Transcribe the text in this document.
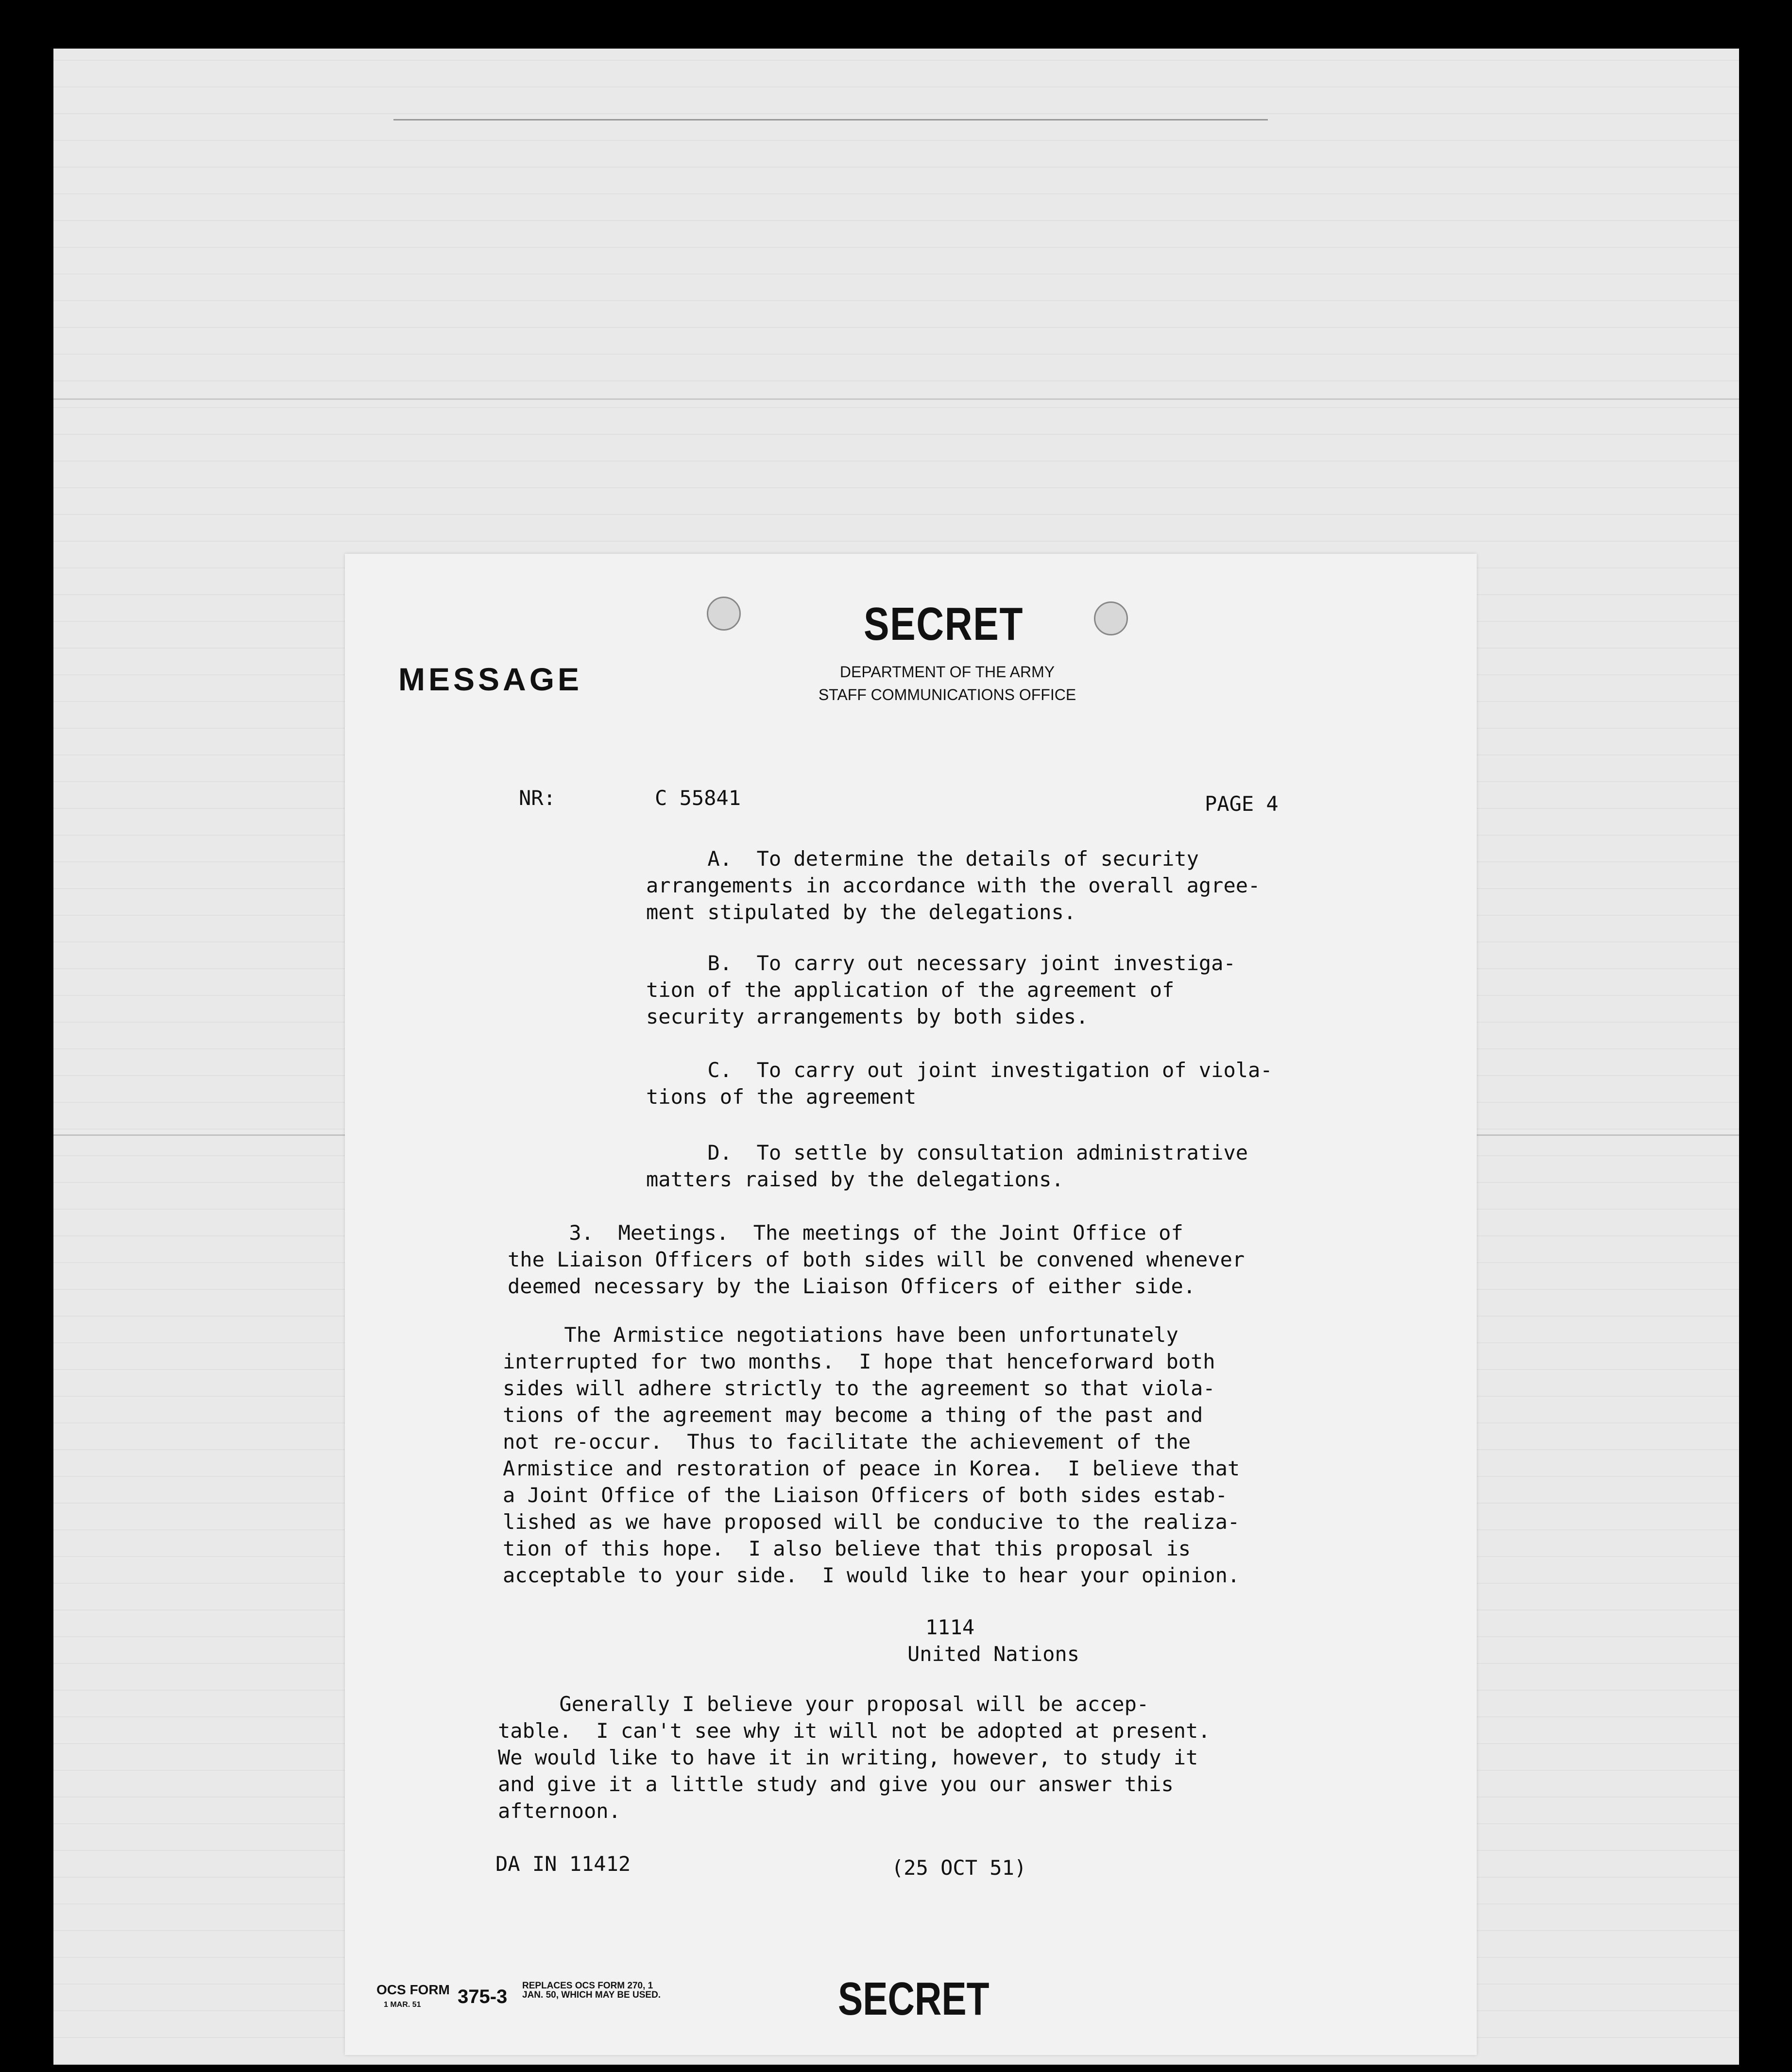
SECRET
MESSAGE	DEPARTMENT OF THE ARMY
STAFF COMMUNICATIONS OFFICE
NR:	C 55841	PAGE 4
A.  To determine the details of security
arrangements in accordance with the overall agree-
ment stipulated by the delegations.
B.  To carry out necessary joint investiga-
tion of the application of the agreement of
security arrangements by both sides.
C.  To carry out joint investigation of viola-
tions of the agreement
D.  To settle by consultation administrative
matters raised by the delegations.
3.  Meetings.  The meetings of the Joint Office of
the Liaison Officers of both sides will be convened whenever
deemed necessary by the Liaison Officers of either side.
The Armistice negotiations have been unfortunately
interrupted for two months.  I hope that henceforward both
sides will adhere strictly to the agreement so that viola-
tions of the agreement may become a thing of the past and
not re-occur.  Thus to facilitate the achievement of the
Armistice and restoration of peace in Korea.  I believe that
a Joint Office of the Liaison Officers of both sides estab-
lished as we have proposed will be conducive to the realiza-
tion of this hope.  I also believe that this proposal is
acceptable to your side.  I would like to hear your opinion.
1114
United Nations
Generally I believe your proposal will be accep-
table.  I can't see why it will not be adopted at present.
We would like to have it in writing, however, to study it
and give it a little study and give you our answer this
afternoon.
DA IN 11412	(25 OCT 51)
OCS FORM
1 MAR. 51 375-3
REPLACES OCS FORM 270, 1 JAN. 50, WHICH MAY BE USED.	SECRET
